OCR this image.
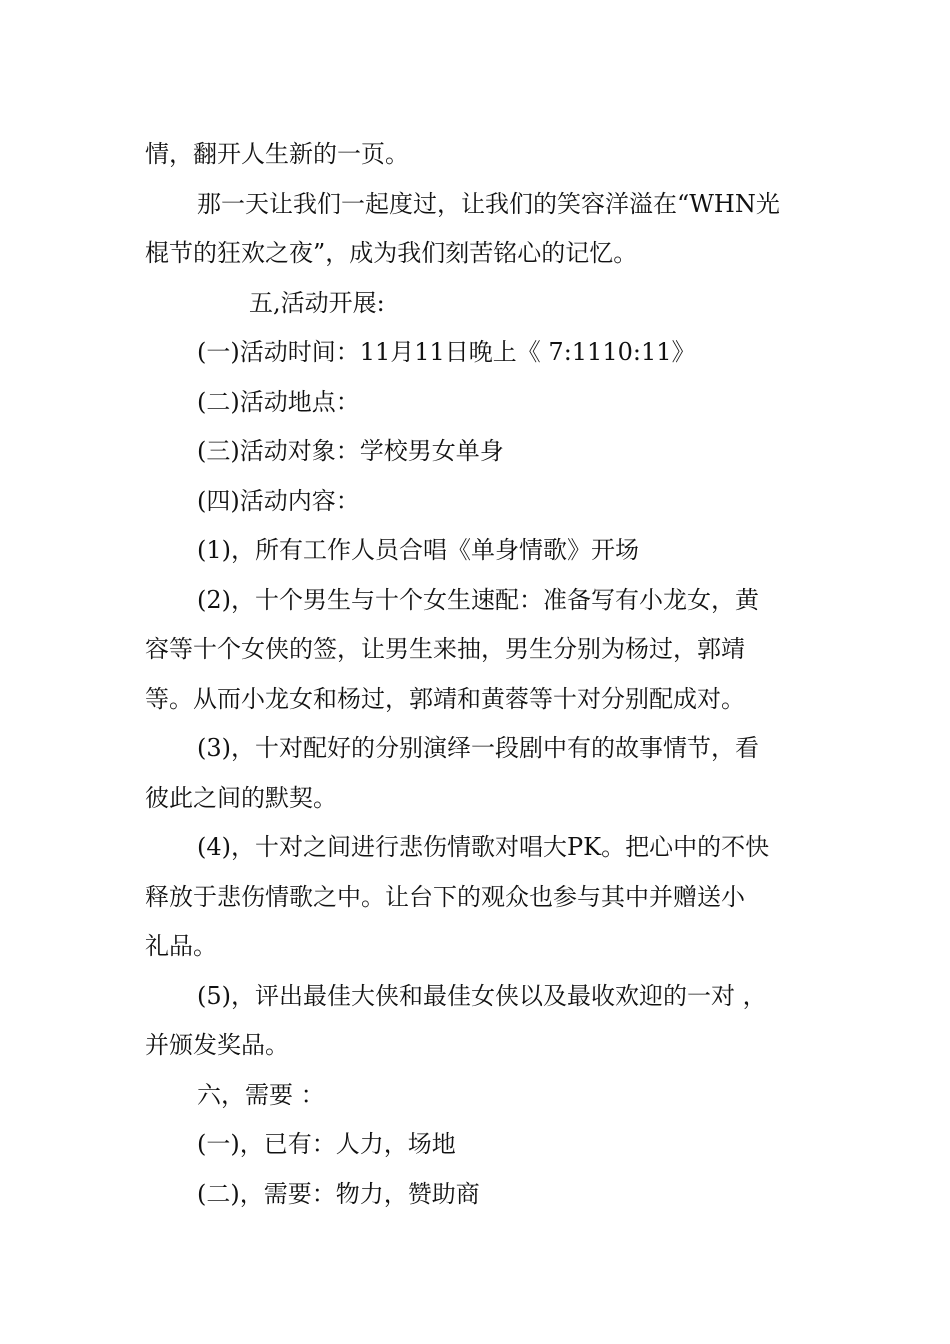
情，翻开人生新的一页。
那一天让我们一起度过，让我们的笑容洋溢在“WHN光
棍节的狂欢之夜”，成为我们刻苦铭心的记忆。
五,活动开展:
(一)活动时间：11月11日晚上《 7:1110:11》
(二)活动地点：
(三)活动对象：学校男女单身
(四)活动内容：
(1)，所有工作人员合唱《单身情歌》开场
(2)，十个男生与十个女生速配：准备写有小龙女，黄
容等十个女侠的签，让男生来抽，男生分别为杨过，郭靖
等。从而小龙女和杨过，郭靖和黄蓉等十对分别配成对。
(3)，十对配好的分别演绎一段剧中有的故事情节，看
彼此之间的默契。
(4)，十对之间进行悲伤情歌对唱大PK。把心中的不快
释放于悲伤情歌之中。让台下的观众也参与其中并赠送小
礼品。
(5)，评出最佳大侠和最佳女侠以及最收欢迎的一对 ，
并颁发奖品。
六，需要 ：
(一)，已有：人力，场地
(二)，需要：物力，赞助商
